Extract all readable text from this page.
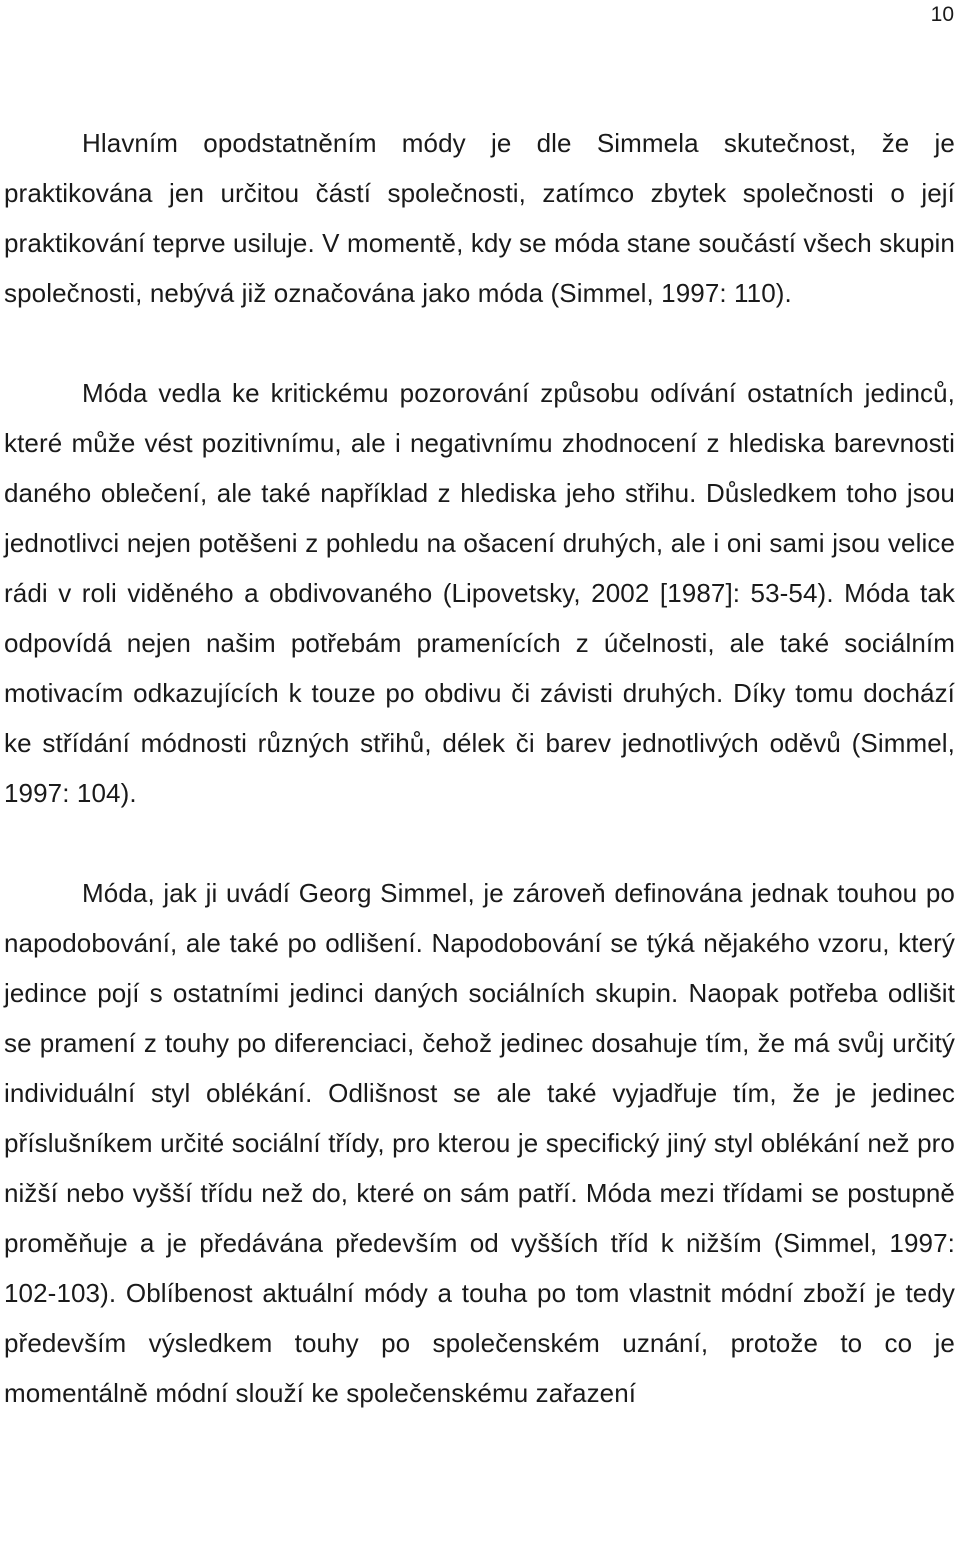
10

Hlavním opodstatněním módy je dle Simmela skutečnost, že je praktikována jen určitou částí společnosti, zatímco zbytek společnosti o její praktikování teprve usiluje. V momentě, kdy se móda stane součástí všech skupin společnosti, nebývá již označována jako móda (Simmel, 1997: 110).

Móda vedla ke kritickému pozorování způsobu odívání ostatních jedinců, které může vést pozitivnímu, ale i negativnímu zhodnocení z hlediska barevnosti daného oblečení, ale také například z hlediska jeho střihu. Důsledkem toho jsou jednotlivci nejen potěšeni z pohledu na ošacení druhých, ale i oni sami jsou velice rádi v roli viděného a obdivovaného (Lipovetsky, 2002 [1987]: 53-54). Móda tak odpovídá nejen našim potřebám pramenících z účelnosti, ale také sociálním motivacím odkazujících k touze po obdivu či závisti druhých. Díky tomu dochází ke střídání módnosti různých střihů, délek či barev jednotlivých oděvů (Simmel, 1997: 104).

Móda, jak ji uvádí Georg Simmel, je zároveň definována jednak touhou po napodobování, ale také po odlišení. Napodobování se týká nějakého vzoru, který jedince pojí s ostatními jedinci daných sociálních skupin. Naopak potřeba odlišit se pramení z touhy po diferenciaci, čehož jedinec dosahuje tím, že má svůj určitý individuální styl oblékání. Odlišnost se ale také vyjadřuje tím, že je jedinec příslušníkem určité sociální třídy, pro kterou je specifický jiný styl oblékání než pro nižší nebo vyšší třídu než do, které on sám patří. Móda mezi třídami se postupně proměňuje a je předávána především od vyšších tříd k nižším (Simmel, 1997: 102-103). Oblíbenost aktuální módy a touha po tom vlastnit módní zboží je tedy především výsledkem touhy po společenském uznání, protože to co je momentálně módní slouží ke společenskému zařazení
